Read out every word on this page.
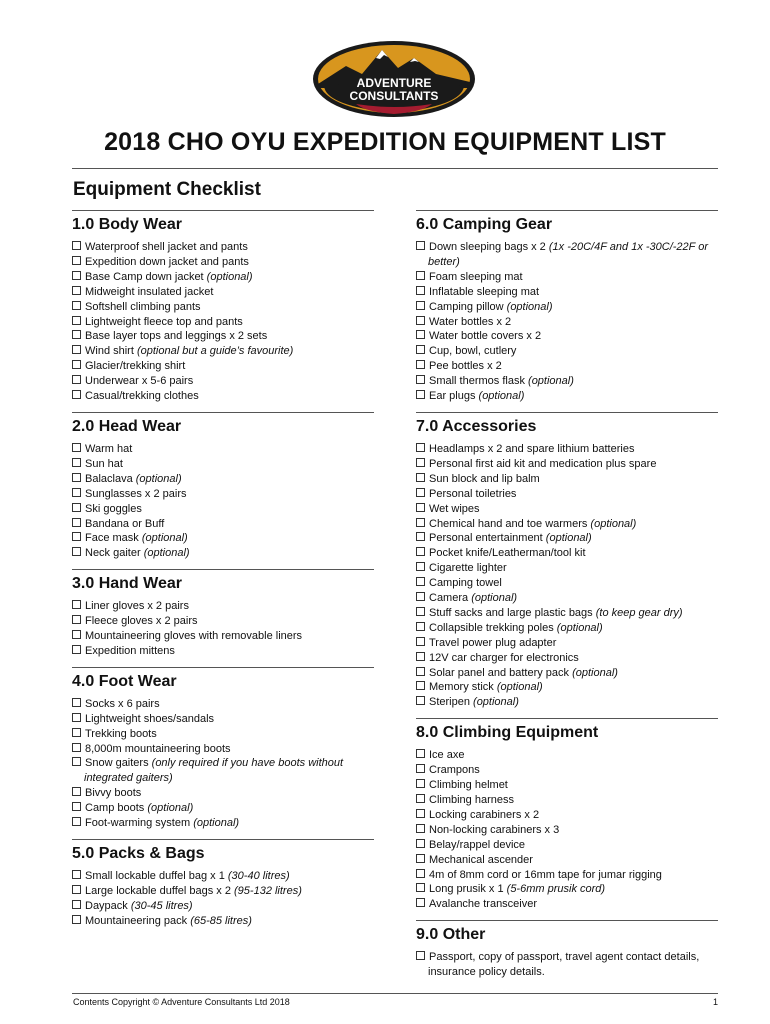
ADVENTURE
CONSULTANTS
2018 CHO OYU EXPEDITION EQUIPMENT LIST
Equipment Checklist
1.0 Body Wear
Waterproof shell jacket and pants
Expedition down jacket and pants
Base Camp down jacket (optional)
Midweight insulated jacket
Softshell climbing pants
Lightweight fleece top and pants
Base layer tops and leggings x 2 sets
Wind shirt (optional but a guide’s favourite)
Glacier/trekking shirt
Underwear x 5-6 pairs
Casual/trekking clothes
2.0 Head Wear
Warm hat
Sun hat
Balaclava (optional)
Sunglasses x 2 pairs
Ski goggles
Bandana or Buff
Face mask (optional)
Neck gaiter (optional)
3.0 Hand Wear
Liner gloves x 2 pairs
Fleece gloves x 2 pairs
Mountaineering gloves with removable liners
Expedition mittens
4.0 Foot Wear
Socks x 6 pairs
Lightweight shoes/sandals
Trekking boots
8,000m mountaineering boots
Snow gaiters (only required if you have boots without integrated gaiters)
Bivvy boots
Camp boots (optional)
Foot-warming system (optional)
5.0 Packs & Bags
Small lockable duffel bag x 1 (30-40 litres)
Large lockable duffel bags x 2 (95-132 litres)
Daypack (30-45 litres)
Mountaineering pack (65-85 litres)
6.0 Camping Gear
Down sleeping bags x 2 (1x -20C/4F and 1x -30C/-22F or better)
Foam sleeping mat
Inflatable sleeping mat
Camping pillow (optional)
Water bottles x 2
Water bottle covers x 2
Cup, bowl, cutlery
Pee bottles x 2
Small thermos flask (optional)
Ear plugs (optional)
7.0 Accessories
Headlamps x 2 and spare lithium batteries
Personal first aid kit and medication plus spare
Sun block and lip balm
Personal toiletries
Wet wipes
Chemical hand and toe warmers (optional)
Personal entertainment (optional)
Pocket knife/Leatherman/tool kit
Cigarette lighter
Camping towel
Camera (optional)
Stuff sacks and large plastic bags (to keep gear dry)
Collapsible trekking poles (optional)
Travel power plug adapter
12V car charger for electronics
Solar panel and battery pack (optional)
Memory stick (optional)
Steripen (optional)
8.0 Climbing Equipment
Ice axe
Crampons
Climbing helmet
Climbing harness
Locking carabiners x 2
Non-locking carabiners x 3
Belay/rappel device
Mechanical ascender
4m of 8mm cord or 16mm tape for jumar rigging
Long prusik x 1 (5-6mm prusik cord)
Avalanche transceiver
9.0 Other
Passport, copy of passport, travel agent contact details, insurance policy details.
Contents Copyright © Adventure Consultants Ltd 2018	1
